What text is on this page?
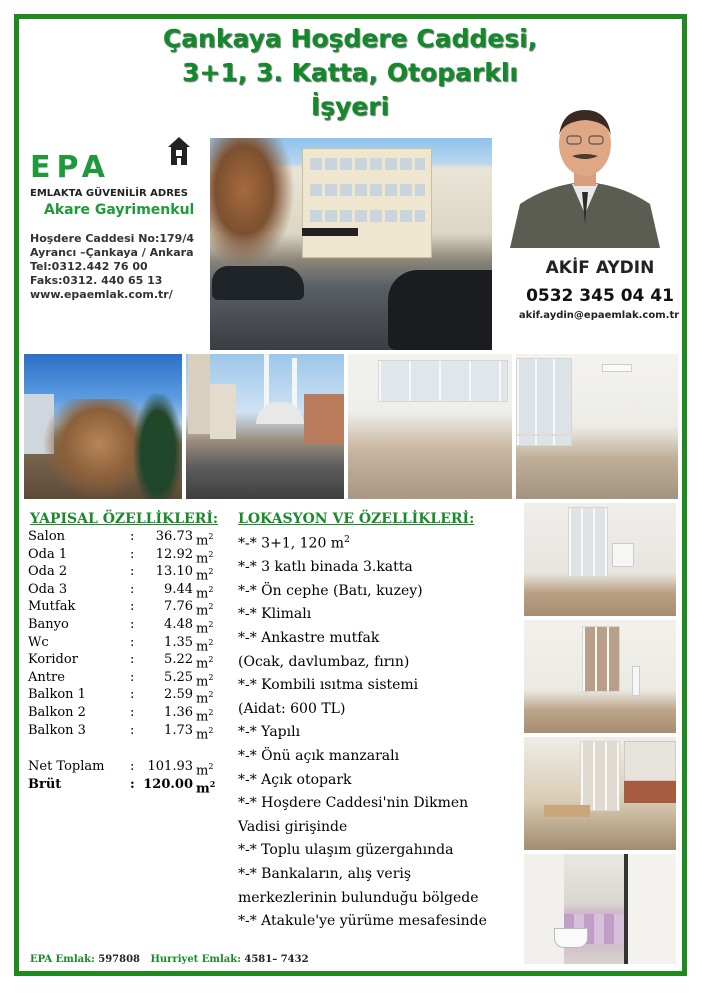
Çankaya Hoşdere Caddesi,
3+1, 3. Katta, Otoparklı
İşyeri
EPA
EMLAKTA GÜVENİLİR ADRES
Akare Gayrimenkul
Hoşdere Caddesi No:179/4
Ayrancı –Çankaya / Ankara
Tel:0312.442 76 00
Faks:0312. 440 65 13
www.epaemlak.com.tr/
AKİF AYDIN
0532 345 04 41
akif.aydin@epaemlak.com.tr
YAPISAL ÖZELLİKLERİ:
Salon	:	36.73 $m^2$
Oda 1	:	12.92 $m^2$
Oda 2	:	13.10 $m^2$
Oda 3	:	9.44 $m^2$
Mutfak	:	7.76 $m^2$
Banyo	:	4.48 $m^2$
Wc	:	1.35 $m^2$
Koridor	:	5.22 $m^2$
Antre	:	5.25 $m^2$
Balkon 1	:	2.59 $m^2$
Balkon 2	:	1.36 $m^2$
Balkon 3	:	1.73 $m^2$
Net Toplam :	101.93 $m^2$
Brüt	: 120.00 $m^2$
LOKASYON VE ÖZELLİKLERİ:
*-* 3+1, 120 $m^2$
*-* 3 katlı binada 3.katta
*-* Ön cephe (Batı, kuzey)
*-* Klimalı
*-* Ankastre mutfak
(Ocak, davlumbaz, fırın)
*-* Kombili ısıtma sistemi
(Aidat: 600 TL)
*-* Yapılı
*-* Önü açık manzaralı
*-* Açık otopark
*-* Hoşdere Caddesi'nin Dikmen
Vadisi girişinde
*-* Toplu ulaşım güzergahında
*-* Bankaların, alış veriş
merkezlerinin bulunduğu bölgede
*-* Atakule'ye yürüme mesafesinde
EPA Emlak: 597808 Hurriyet Emlak: 4581– 7432
